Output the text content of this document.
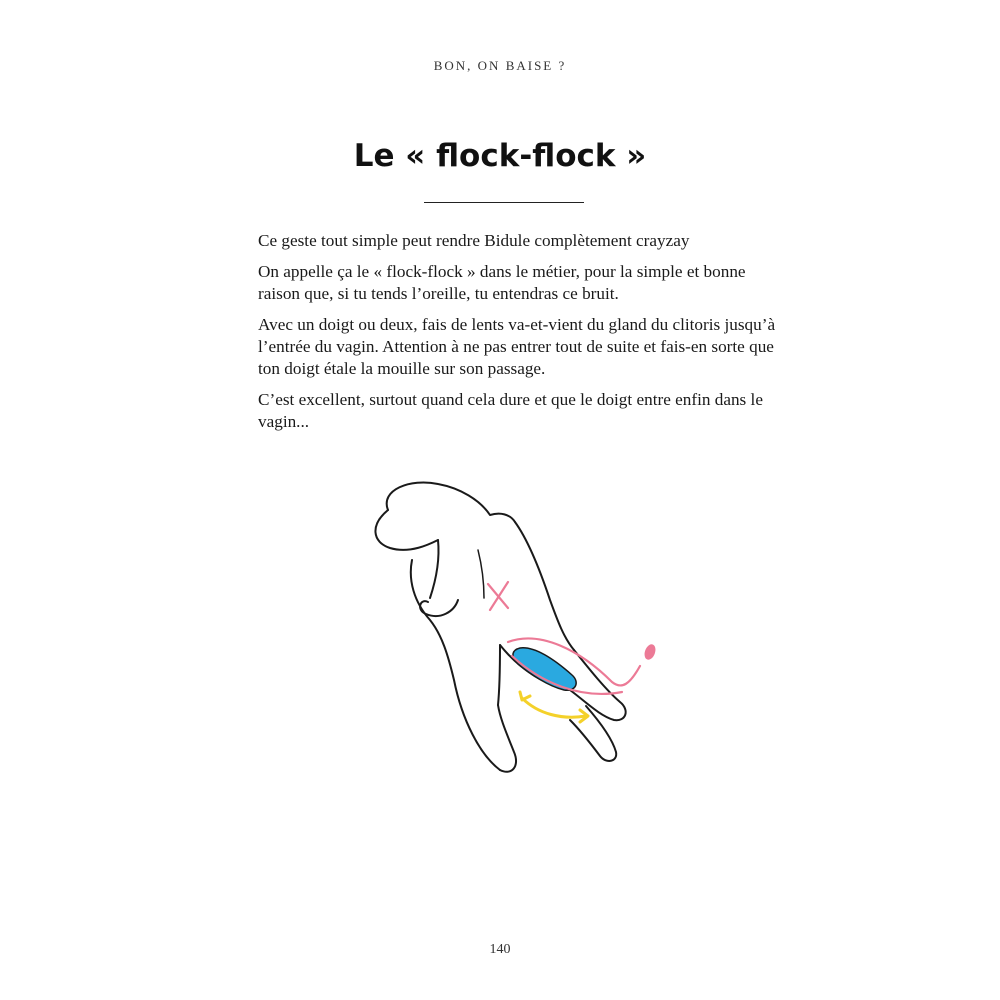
BON, ON BAISE ?
Le « flock-flock »

Ce geste tout simple peut rendre Bidule complètement crayzay

On appelle ça le « flock-flock » dans le métier, pour la simple et bonne raison que, si tu tends l’oreille, tu entendras ce bruit.

Avec un doigt ou deux, fais de lents va-et-vient du gland du clitoris jusqu’à l’entrée du vagin. Attention à ne pas entrer tout de suite et fais-en sorte que ton doigt étale la mouille sur son passage.

C’est excellent, surtout quand cela dure et que le doigt entre enfin dans le vagin...

140
